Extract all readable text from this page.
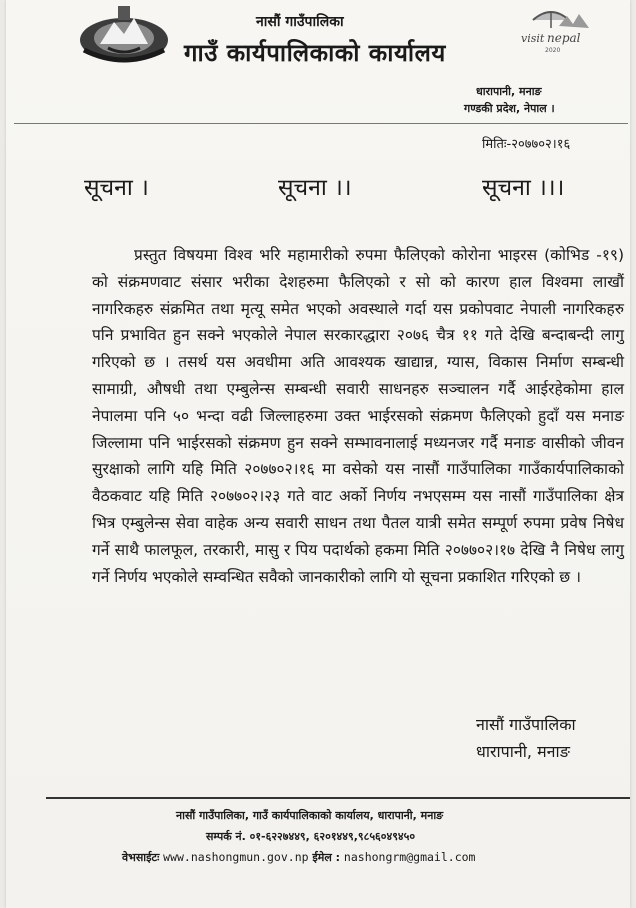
visit nepal
2020
नासौं गाउँपालिका
गाउँ कार्यपालिकाको कार्यालय
धारापानी, मनाङ
गण्डकी प्रदेश, नेपाल ।
मितिः-२०७७०२।१६
सूचना ।	सूचना ।।	सूचना ।।।

प्रस्तुत विषयमा विश्व भरि महामारीको रुपमा फैलिएको कोरोना भाइरस (कोभिड -१९) को संक्रमणवाट संसार भरीका देशहरुमा फैलिएको र सो को कारण हाल विश्वमा लाखौं नागरिकहरु संक्रमित तथा मृत्यू समेत भएको अवस्थाले गर्दा यस प्रकोपवाट नेपाली नागरिकहरु पनि प्रभावित हुन सक्ने भएकोले नेपाल सरकारद्धारा २०७६ चैत्र ११ गते देखि बन्दाबन्दी लागु गरिएको छ । तसर्थ यस अवधीमा अति आवश्यक खाद्यान्न, ग्यास, विकास निर्माण सम्बन्धी सामाग्री, औषधी तथा एम्बुलेन्स सम्बन्धी सवारी साधनहरु सञ्चालन गर्दै आईरहेकोमा हाल नेपालमा पनि ५० भन्दा वढी जिल्लाहरुमा उक्त भाईरसको संक्रमण फैलिएको हुदाँ यस मनाङ जिल्लामा पनि भाईरसको संक्रमण हुन सक्ने सम्भावनालाई मध्यनजर गर्दै मनाङ वासीको जीवन सुरक्षाको लागि यहि मिति २०७७०२।१६ मा वसेको यस नासौं गाउँपालिका गाउँकार्यपालिकाको वैठकवाट यहि मिति २०७७०२।२३ गते वाट अर्को निर्णय नभएसम्म यस नासौं गाउँपालिका क्षेत्र भित्र एम्बुलेन्स सेवा वाहेक अन्य सवारी साधन तथा पैतल यात्री समेत सम्पूर्ण रुपमा प्रवेष निषेध गर्ने साथै फालफूल, तरकारी, मासु र पिय पदार्थको हकमा मिति २०७७०२।१७ देखि नै निषेध लागु गर्ने निर्णय भएकोले सम्वन्धित सवैको जानकारीको लागि यो सूचना प्रकाशित गरिएको छ ।

नासौं गाउँपालिका
धारापानी, मनाङ
नासौं गाउँपालिका, गाउँ कार्यपालिकाको कार्यालय, धारापानी, मनाङ
सम्पर्क नं. ०१-६२२७४४९, ६२०१४४९,९८५६०४९४५०
वेभसाईटः www.nashongmun.gov.np ईमेल : nashongrm@gmail.com
